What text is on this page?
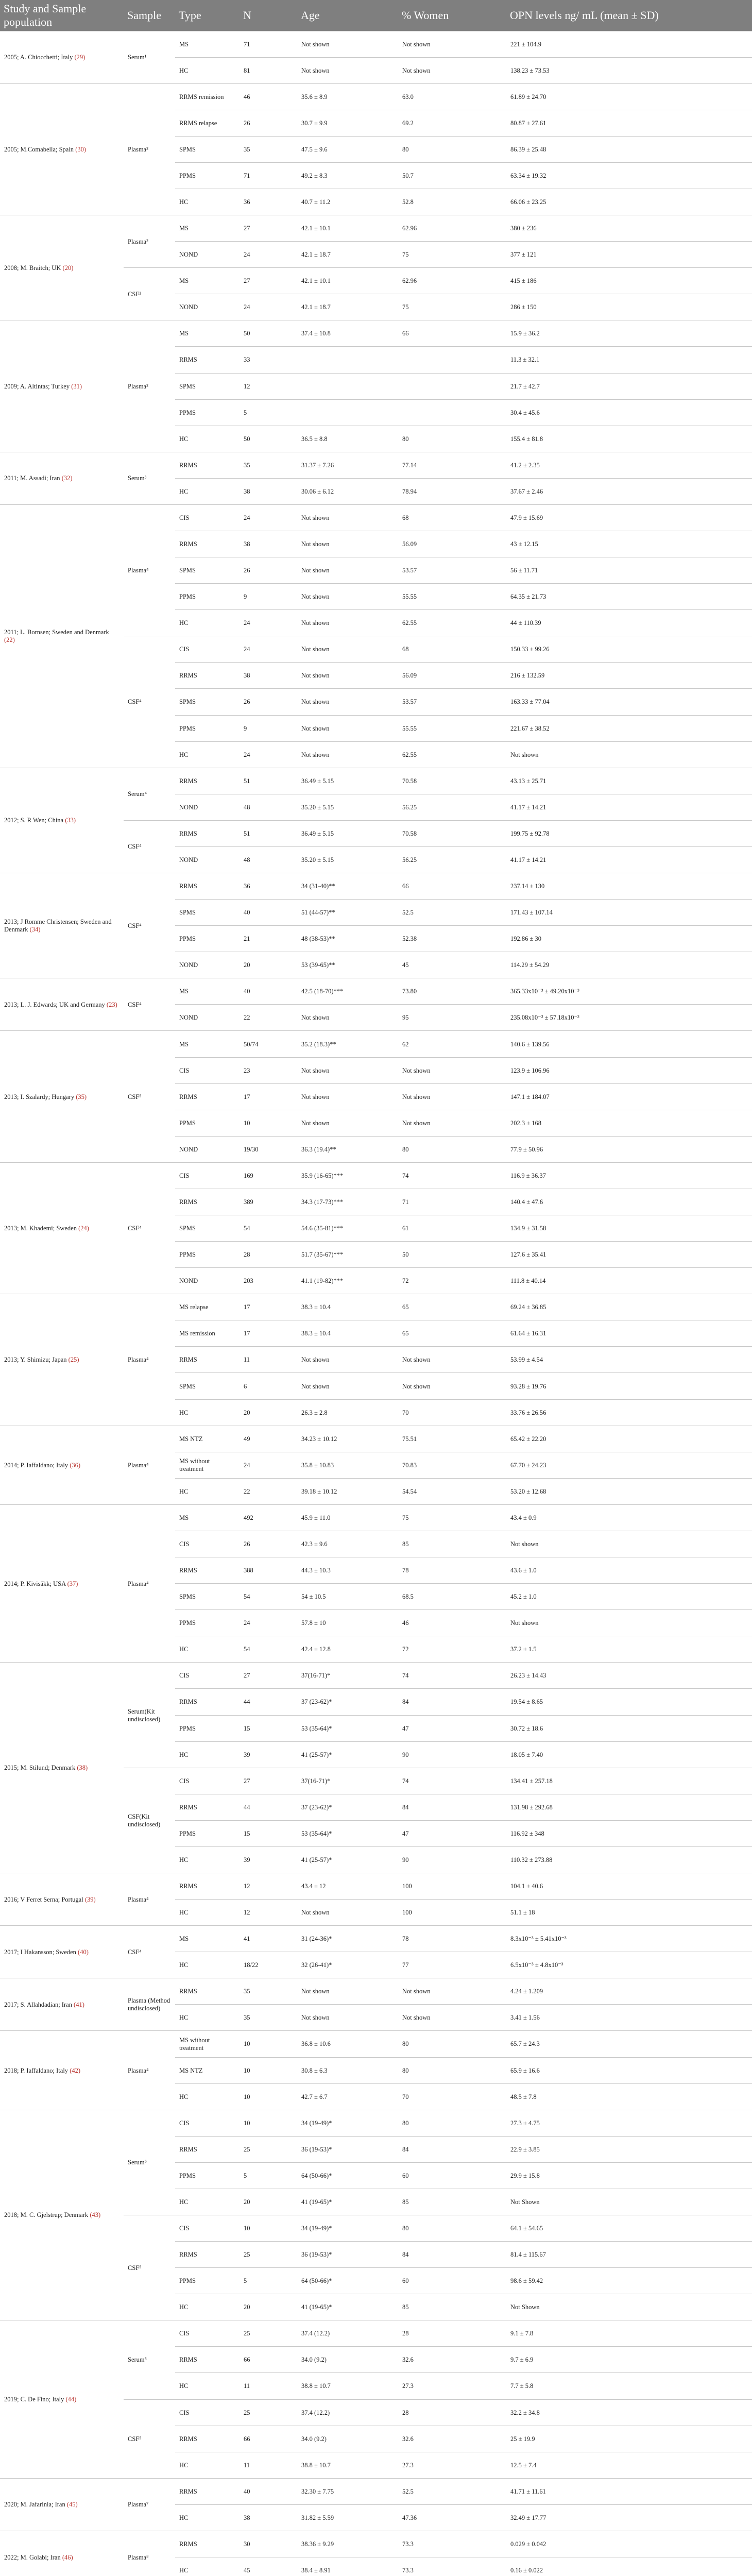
Study and Sample population	Sample	Type	N	Age	% Women	OPN levels ng/ mL (mean ± SD)
2005; A. Chiocchetti; Italy (29)	Serum¹	MS	71	Not shown	Not shown	221 ± 104.9
		HC	81	Not shown	Not shown	138.23 ± 73.53
2005; M.Comabella; Spain (30)	Plasma²	RRMS remission	46	35.6 ± 8.9	63.0	61.89 ± 24.70
		RRMS relapse	26	30.7 ± 9.9	69.2	80.87 ± 27.61
		SPMS	35	47.5 ± 9.6	80	86.39 ± 25.48
		PPMS	71	49.2 ± 8.3	50.7	63.34 ± 19.32
		HC	36	40.7 ± 11.2	52.8	66.06 ± 23.25
2008; M. Braitch; UK (20)	Plasma²	MS	27	42.1 ± 10.1	62.96	380 ± 236
		NOND	24	42.1 ± 18.7	75	377 ± 121
	CSF²	MS	27	42.1 ± 10.1	62.96	415 ± 186
		NOND	24	42.1 ± 18.7	75	286 ± 150
2009; A. Altintas; Turkey (31)	Plasma²	MS	50	37.4 ± 10.8	66	15.9 ± 36.2
		RRMS	33			11.3 ± 32.1
		SPMS	12			21.7 ± 42.7
		PPMS	5			30.4 ± 45.6
		HC	50	36.5 ± 8.8	80	155.4 ± 81.8
2011; M. Assadi; Iran (32)	Serum³	RRMS	35	31.37 ± 7.26	77.14	41.2 ± 2.35
		HC	38	30.06 ± 6.12	78.94	37.67 ± 2.46
2011; L. Bornsen; Sweden and Denmark (22)	Plasma⁴	CIS	24	Not shown	68	47.9 ± 15.69
		RRMS	38	Not shown	56.09	43 ± 12.15
		SPMS	26	Not shown	53.57	56 ± 11.71
		PPMS	9	Not shown	55.55	64.35 ± 21.73
		HC	24	Not shown	62.55	44 ± 110.39
	CSF⁴	CIS	24	Not shown	68	150.33 ± 99.26
		RRMS	38	Not shown	56.09	216 ± 132.59
		SPMS	26	Not shown	53.57	163.33 ± 77.04
		PPMS	9	Not shown	55.55	221.67 ± 38.52
		HC	24	Not shown	62.55	Not shown
2012; S. R Wen; China (33)	Serum⁴	RRMS	51	36.49 ± 5.15	70.58	43.13 ± 25.71
		NOND	48	35.20 ± 5.15	56.25	41.17 ± 14.21
	CSF⁴	RRMS	51	36.49 ± 5.15	70.58	199.75 ± 92.78
		NOND	48	35.20 ± 5.15	56.25	41.17 ± 14.21
2013; J Romme Christensen; Sweden and Denmark (34)	CSF⁴	RRMS	36	34 (31-40)**	66	237.14 ± 130
		SPMS	40	51 (44-57)**	52.5	171.43 ± 107.14
		PPMS	21	48 (38-53)**	52.38	192.86 ± 30
		NOND	20	53 (39-65)**	45	114.29 ± 54.29
2013; L. J. Edwards; UK and Germany (23)	CSF⁴	MS	40	42.5 (18-70)***	73.80	365.33x10⁻³ ± 49.20x10⁻³
		NOND	22	Not shown	95	235.08x10⁻³ ± 57.18x10⁻³
2013; I. Szalardy; Hungary (35)	CSF⁵	MS	50/74	35.2 (18.3)**	62	140.6 ± 139.56
		CIS	23	Not shown	Not shown	123.9 ± 106.96
		RRMS	17	Not shown	Not shown	147.1 ± 184.07
		PPMS	10	Not shown	Not shown	202.3 ± 168
		NOND	19/30	36.3 (19.4)**	80	77.9 ± 50.96
2013; M. Khademi; Sweden (24)	CSF⁴	CIS	169	35.9 (16-65)***	74	116.9 ± 36.37
		RRMS	389	34.3 (17-73)***	71	140.4 ± 47.6
		SPMS	54	54.6 (35-81)***	61	134.9 ± 31.58
		PPMS	28	51.7 (35-67)***	50	127.6 ± 35.41
		NOND	203	41.1 (19-82)***	72	111.8 ± 40.14
2013; Y. Shimizu; Japan (25)	Plasma⁴	MS relapse	17	38.3 ± 10.4	65	69.24 ± 36.85
		MS remission	17	38.3 ± 10.4	65	61.64 ± 16.31
		RRMS	11	Not shown	Not shown	53.99 ± 4.54
		SPMS	6	Not shown	Not shown	93.28 ± 19.76
		HC	20	26.3 ± 2.8	70	33.76 ± 26.56
2014; P. Iaffaldano; Italy (36)	Plasma⁴	MS NTZ	49	34.23 ± 10.12	75.51	65.42 ± 22.20
		MS without treatment	24	35.8 ± 10.83	70.83	67.70 ± 24.23
		HC	22	39.18 ± 10.12	54.54	53.20 ± 12.68
2014; P. Kivisäkk; USA (37)	Plasma⁴	MS	492	45.9 ± 11.0	75	43.4 ± 0.9
		CIS	26	42.3 ± 9.6	85	Not shown
		RRMS	388	44.3 ± 10.3	78	43.6 ± 1.0
		SPMS	54	54 ± 10.5	68.5	45.2 ± 1.0
		PPMS	24	57.8 ± 10	46	Not shown
		HC	54	42.4 ± 12.8	72	37.2 ± 1.5
2015; M. Stilund; Denmark (38)	Serum(Kit undisclosed)	CIS	27	37(16-71)*	74	26.23 ± 14.43
		RRMS	44	37 (23-62)*	84	19.54 ± 8.65
		PPMS	15	53 (35-64)*	47	30.72 ± 18.6
		HC	39	41 (25-57)*	90	18.05 ± 7.40
	CSF(Kit undisclosed)	CIS	27	37(16-71)*	74	134.41 ± 257.18
		RRMS	44	37 (23-62)*	84	131.98 ± 292.68
		PPMS	15	53 (35-64)*	47	116.92 ± 348
		HC	39	41 (25-57)*	90	110.32 ± 273.88
2016; V Ferret Serna; Portugal (39)	Plasma⁴	RRMS	12	43.4 ± 12	100	104.1 ± 40.6
		HC	12	Not shown	100	51.1 ± 18
2017; I Hakansson; Sweden (40)	CSF⁴	MS	41	31 (24-36)*	78	8.3x10⁻³ ± 5.41x10⁻³
		HC	18/22	32 (26-41)*	77	6.5x10⁻³ ± 4.8x10⁻³
2017; S. Allahdadian; Iran (41)	Plasma (Method undisclosed)	RRMS	35	Not shown	Not shown	4.24 ± 1.209
		HC	35	Not shown	Not shown	3.41 ± 1.56
2018; P. Iaffaldano; Italy (42)	Plasma⁴	MS without treatment	10	36.8 ± 10.6	80	65.7 ± 24.3
		MS NTZ	10	30.8 ± 6.3	80	65.9 ± 16.6
		HC	10	42.7 ± 6.7	70	48.5 ± 7.8
2018; M. C. Gjelstrup; Denmark (43)	Serum⁵	CIS	10	34 (19-49)*	80	27.3 ± 4.75
		RRMS	25	36 (19-53)*	84	22.9 ± 3.85
		PPMS	5	64 (50-66)*	60	29.9 ± 15.8
		HC	20	41 (19-65)*	85	Not Shown
	CSF⁵	CIS	10	34 (19-49)*	80	64.1 ± 54.65
		RRMS	25	36 (19-53)*	84	81.4 ± 115.67
		PPMS	5	64 (50-66)*	60	98.6 ± 59.42
		HC	20	41 (19-65)*	85	Not Shown
2019; C. De Fino; Italy (44)	Serum⁵	CIS	25	37.4 (12.2)	28	9.1 ± 7.8
		RRMS	66	34.0 (9.2)	32.6	9.7 ± 6.9
		HC	11	38.8 ± 10.7	27.3	7.7 ± 5.8
	CSF⁵	CIS	25	37.4 (12.2)	28	32.2 ± 34.8
		RRMS	66	34.0 (9.2)	32.6	25 ± 19.9
		HC	11	38.8 ± 10.7	27.3	12.5 ± 7.4
2020; M. Jafarinia; Iran (45)	Plasma⁷	RRMS	40	32.30 ± 7.75	52.5	41.71 ± 11.61
		HC	38	31.82 ± 5.59	47.36	32.49 ± 17.77
2022; M. Golabi; Iran (46)	Plasma⁸	RRMS	30	38.36 ± 9.29	73.3	0.029 ± 0.042
		HC	45	38.4 ± 8.91	73.3	0.16 ± 0.022
